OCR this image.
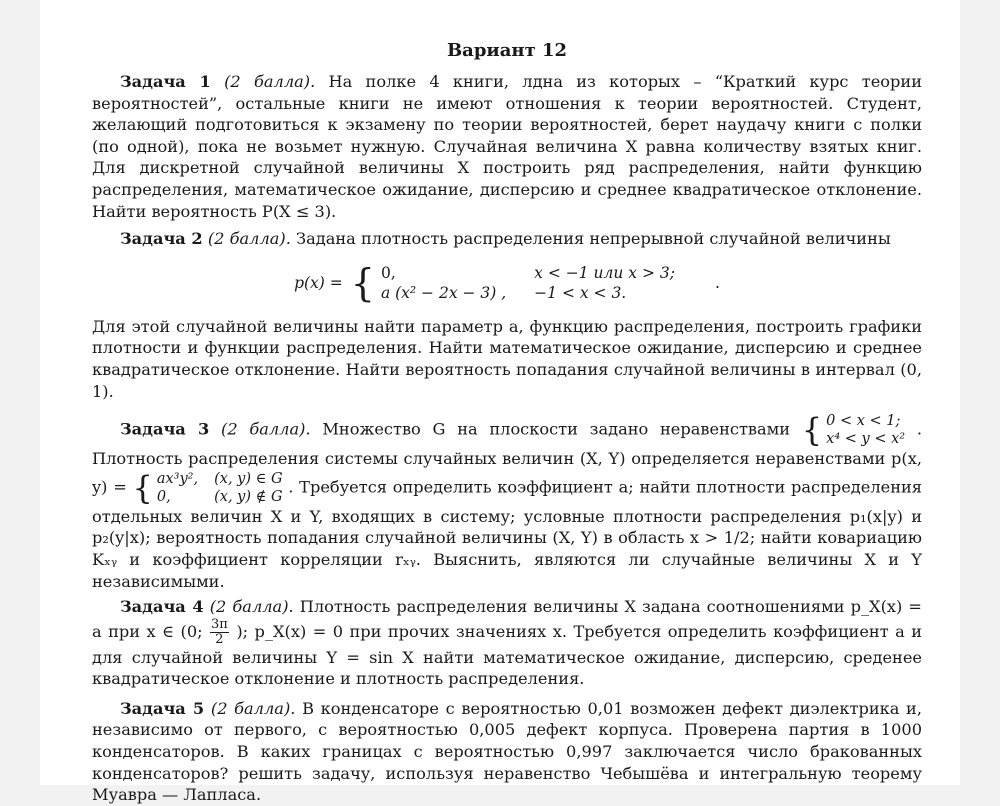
Вариант 12

Задача 1 (2 балла). На полке 4 книги, лдна из которых – “Краткий курс теории вероятностей”, остальные книги не имеют отношения к теории вероятностей. Студент, желающий подготовиться к экзамену по теории вероятностей, берет наудачу книги с полки (по одной), пока не возьмет нужную. Случайная величина X равна количеству взятых книг. Для дискретной случайной величины X построить ряд распределения, найти функцию распределения, математическое ожидание, дисперсию и среднее квадратическое отклонение. Найти вероятность P(X ≤ 3).

Задача 2 (2 балла). Задана плотность распределения непрерывной случайной величины

p(x) = { 0,	x < −1 или x > 3;
a (x² − 2x − 3) , −1 < x < 3.
.

Для этой случайной величины найти параметр a, функцию распределения, построить графики плотности и функции распределения. Найти математическое ожидание, дисперсию и среднее квадратическое отклонение. Найти вероятность попадания случайной величины в интервал (0, 1).

Задача 3 (2 балла). Множество G на плоскости задано неравенствами { 0 < x < 1;
x⁴ < y < x²
. Плотность распределения системы случайных величин (X, Y) определяется неравенствами p(x, y) = { ax³y², (x, y) ∈ G
0,	(x, y) ∉ G
. Требуется определить коэффициент a; найти плотности распределения отдельных величин X и Y, входящих в систему; условные плотности распределения p₁(x|y) и p₂(y|x); вероятность попадания случайной величины (X, Y) в область x > 1/2; найти ковариацию Kₓᵧ и коэффициент корреляции rₓᵧ. Выяснить, являются ли случайные величины X и Y независимыми.

Задача 4 (2 балла). Плотность распределения величины X задана соотношениями p_X(x) = a при x ∈ (0; $\frac{3\pi}{2}$ ); p_X(x) = 0 при прочих значениях x. Требуется определить коэффициент a и для случайной величины Y = sin X найти математическое ожидание, дисперсию, среденее квадратическое отклонение и плотность распределения.

Задача 5 (2 балла). В конденсаторе с вероятностью 0,01 возможен дефект диэлектрика и, независимо от первого, с вероятностью 0,005 дефект корпуса. Проверена партия в 1000 конденсаторов. В каких границах с вероятностью 0,997 заключается число бракованных конденсаторов? решить задачу, используя неравенство Чебышёва и интегральную теорему Муавра — Лапласа.
